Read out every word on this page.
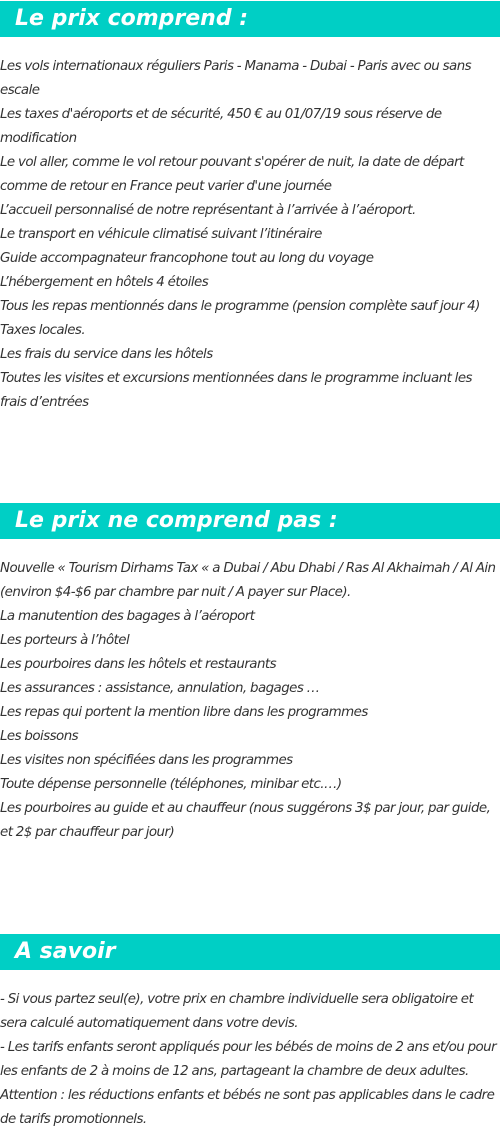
Le prix comprend :
Les vols internationaux réguliers Paris - Manama - Dubai - Paris avec ou sans escale
Les taxes d'aéroports et de sécurité, 450 € au 01/07/19 sous réserve de modification
Le vol aller, comme le vol retour pouvant s'opérer de nuit, la date de départ comme de retour en France peut varier d'une journée
L’accueil personnalisé de notre représentant à l’arrivée à l’aéroport.
Le transport en véhicule climatisé suivant l’itinéraire
Guide accompagnateur francophone tout au long du voyage
L’hébergement en hôtels 4 étoiles
Tous les repas mentionnés dans le programme (pension complète sauf jour 4)
Taxes locales.
Les frais du service dans les hôtels
Toutes les visites et excursions mentionnées dans le programme incluant les frais d’entrées
Le prix ne comprend pas :
Nouvelle « Tourism Dirhams Tax « a Dubai / Abu Dhabi / Ras Al Akhaimah / Al Ain (environ $4-$6 par chambre par nuit / A payer sur Place).
La manutention des bagages à l’aéroport
Les porteurs à l’hôtel
Les pourboires dans les hôtels et restaurants
Les assurances : assistance, annulation, bagages …
Les repas qui portent la mention libre dans les programmes
Les boissons
Les visites non spécifiées dans les programmes
Toute dépense personnelle (téléphones, minibar etc.…)
Les pourboires au guide et au chauffeur (nous suggérons 3$ par jour, par guide, et 2$ par chauffeur par jour)
A savoir
- Si vous partez seul(e), votre prix en chambre individuelle sera obligatoire et sera calculé automatiquement dans votre devis.
- Les tarifs enfants seront appliqués pour les bébés de moins de 2 ans et/ou pour les enfants de 2 à moins de 12 ans, partageant la chambre de deux adultes.
Attention : les réductions enfants et bébés ne sont pas applicables dans le cadre de tarifs promotionnels.
